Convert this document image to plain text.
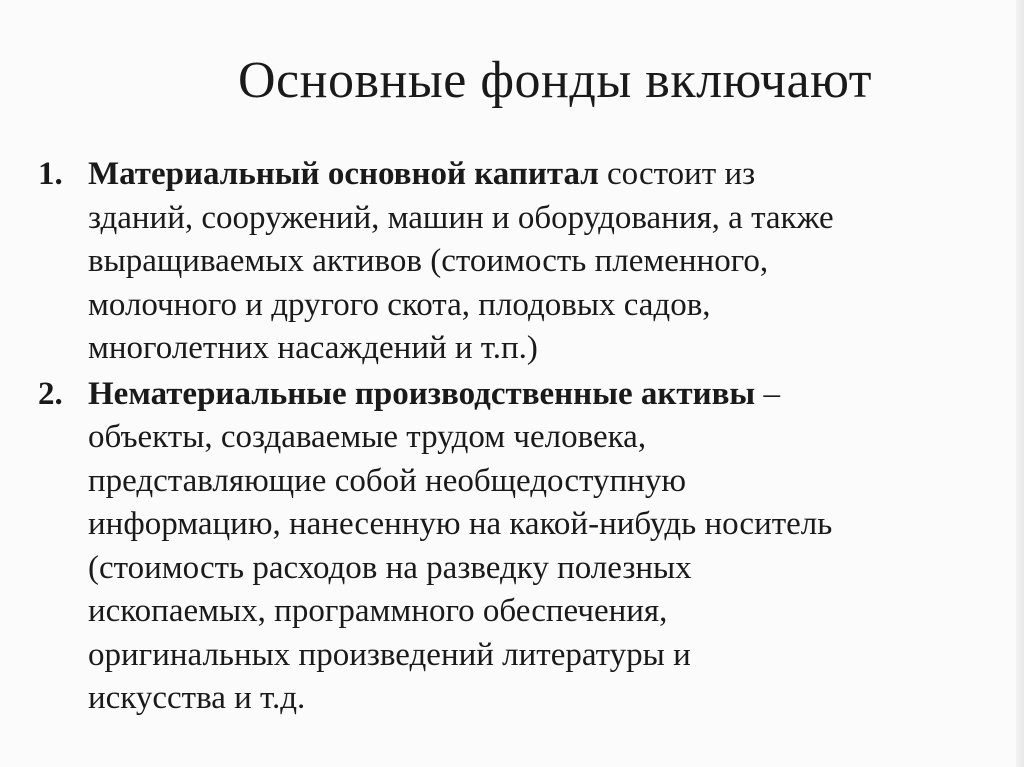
Основные фонды включают
1. Материальный основной капитал состоит из
зданий, сооружений, машин и оборудования, а также
выращиваемых активов (стоимость племенного,
молочного и другого скота, плодовых садов,
многолетних насаждений и т.п.)
2. Нематериальные производственные активы –
объекты, создаваемые трудом человека,
представляющие собой необщедоступную
информацию, нанесенную на какой-нибудь носитель
(стоимость расходов на разведку полезных
ископаемых, программного обеспечения,
оригинальных произведений литературы и
искусства и т.д.
